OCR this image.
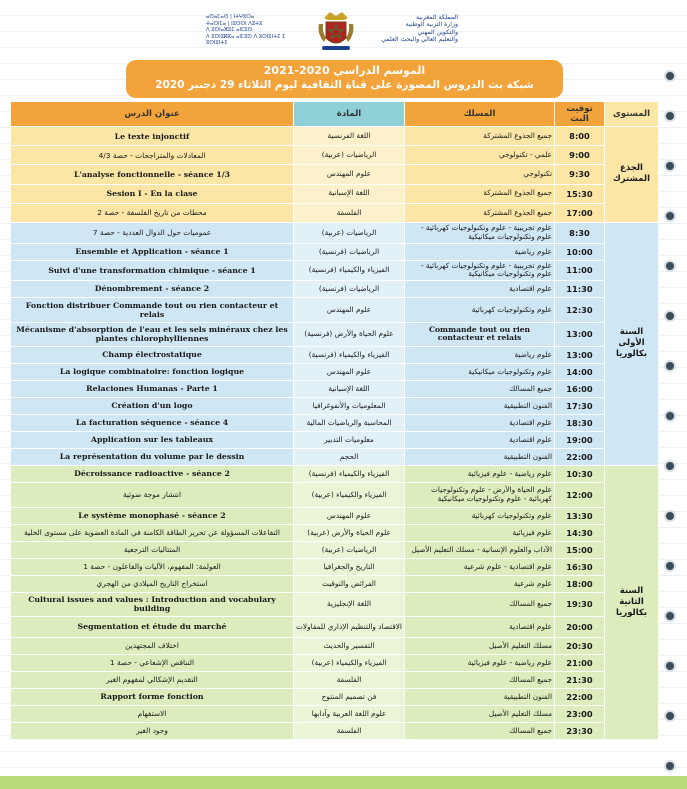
ⴰⵙⴰⵎⴰⵙ | ⵏⵜⵖⵓⵔⴰ
ⵜⴰⵙⵏⵎⴰ | ⵏⵓⵙⵙⵏ ⴷⵓⵜⵓ
ⴷ ⵓⵙⵏⴰⵣⵓⵎ ⴰⵏⵎⵓⵙ
ⴷ ⵓⵙⵏⵓⴽⴽⴰ ⴰⵏⵎⵓⵙ ⴷ ⵓⵙⵏⵓⵏⵜⵉ ⵉ ⵓⵙⵏⵓⵏⵜⵉ
المملكة المغربية
وزارة التربية الوطنية
والتكوين المهني
والتعليم العالي والبحث العلمي
الموسم الدراسي 2020-2021
شبكة بث الدروس المصورة على قناة الثقافية ليوم الثلاثاء 29 دجنبر 2020
عنوان الدرس	المادة	المسلك	توقيت البث	المستوى
Le texte injonctif	اللغة الفرنسية	جميع الجذوع المشتركة	8:00	الجذع المشترك
المعادلات والمتراجحات - حصة 4/3	الرياضيات (عربية)	علمي - تكنولوجي	9:00	
L'analyse fonctionnelle - séance 1/3	علوم المهندس	تكنولوجي	9:30	
Sesion I - En la clase	اللغة الإسبانية	جميع الجذوع المشتركة	15:30	
محطات من تاريخ الفلسفة - حصة 2	الفلسفة	جميع الجذوع المشتركة	17:00	
عموميات حول الدوال العددية - حصة 7	الرياضيات (عربية)	علوم تجريبية - علوم وتكنولوجيات كهربائية - علوم وتكنولوجيات ميكانيكية	8:30	السنة الأولى بكالوريا
Ensemble et Application - séance 1	الرياضيات (فرنسية)	علوم رياضية	10:00	
Suivi d'une transformation chimique - séance 1	الفيزياء والكيمياء (فرنسية)	علوم تجريبية - علوم وتكنولوجيات كهربائية - علوم وتكنولوجيات ميكانيكية	11:00	
Dénombrement - séance 2	الرياضيات (فرنسية)	علوم اقتصادية	11:30	
Fonction distribuer Commande tout ou rien contacteur et relais	علوم المهندس	علوم وتكنولوجيات كهربائية	12:30	
Mécanisme d'absorption de l'eau et les sels minéraux chez les plantes chlorophylliennes	علوم الحياة والأرض (فرنسية)	Commande tout ou rien contacteur et relais	13:00	
Champ électrostatique	الفيزياء والكيمياء (فرنسية)	علوم رياضية	13:00	
La logique combinatoire: fonction logique	علوم المهندس	علوم وتكنولوجيات ميكانيكية	14:00	
Relaciones Humanas - Parte 1	اللغة الإسبانية	جميع المسالك	16:00	
Création d'un logo	المعلوميات والأنفوغرافيا	الفنون التطبيقية	17:30	
La facturation séquence - séance 4	المحاسبة والرياضيات المالية	علوم اقتصادية	18:30	
Application sur les tableaux	معلوميات التدبير	علوم اقتصادية	19:00	
La représentation du volume par le dessin	الحجم	الفنون التطبيقية	22:00	
Décroissance radioactive - séance 2	الفيزياء والكيمياء (فرنسية)	علوم رياضية - علوم فيزيائية	10:30	السنة الثانية بكالوريا
انتشار موجة ضوئية	الفيزياء والكيمياء (عربية)	علوم الحياة والأرض - علوم وتكنولوجيات كهربائية - علوم وتكنولوجيات ميكانيكية	12:00	
Le système monophasé - séance 2	علوم المهندس	علوم وتكنولوجيات كهربائية	13:30	
التفاعلات المسؤولة عن تحرير الطاقة الكامنة في المادة العضوية على مستوى الخلية	علوم الحياة والأرض (عربية)	علوم فيزيائية	14:30	
المتتاليات الترجعية	الرياضيات (عربية)	الآداب والعلوم الإنسانية - مسلك التعليم الأصيل	15:00	
العولمة: المفهوم، الآليات والفاعلون - حصة 1	التاريخ والجغرافيا	علوم اقتصادية - علوم شرعية	16:30	
استخراج التاريخ الميلادي من الهجري	الفرائض والتوقيت	علوم شرعية	18:00	
Cultural issues and values : Introduction and vocabulary building	اللغة الإنجليزية	جميع المسالك	19:30	
Segmentation et étude du marché	الاقتصاد والتنظيم الإداري للمقاولات	علوم اقتصادية	20:00	
اختلاف المجتهدين	التفسير والحديث	مسلك التعليم الأصيل	20:30	
التناقص الإشعاعي - حصة 1	الفيزياء والكيمياء (عربية)	علوم رياضية - علوم فيزيائية	21:00	
التقديم الإشكالي لمفهوم الغير	الفلسفة	جميع المسالك	21:30	
Rapport forme fonction	فن تصميم المنتوج	الفنون التطبيقية	22:00	
الاستفهام	علوم اللغة العربية وآدابها	مسلك التعليم الأصيل	23:00	
وجود الغير	الفلسفة	جميع المسالك	23:30	
